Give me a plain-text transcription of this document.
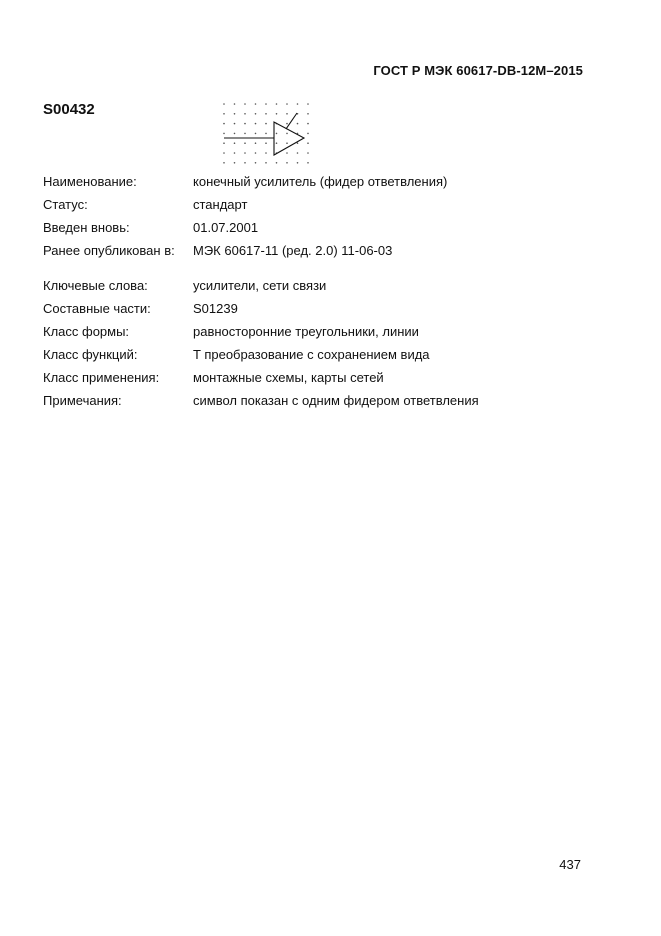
ГОСТ Р МЭК 60617-DB-12M–2015
S00432
Наименование:	конечный усилитель (фидер ответвления)
Статус:	стандарт
Введен вновь:	01.07.2001
Ранее опубликован в: МЭК 60617-11 (ред. 2.0) 11-06-03
Ключевые слова:	усилители, сети связи
Составные части:	S01239
Класс формы:	равносторонние треугольники, линии
Класс функций:	T преобразование с сохранением вида
Класс применения:	монтажные схемы, карты сетей
Примечания:	символ показан с одним фидером ответвления
437
